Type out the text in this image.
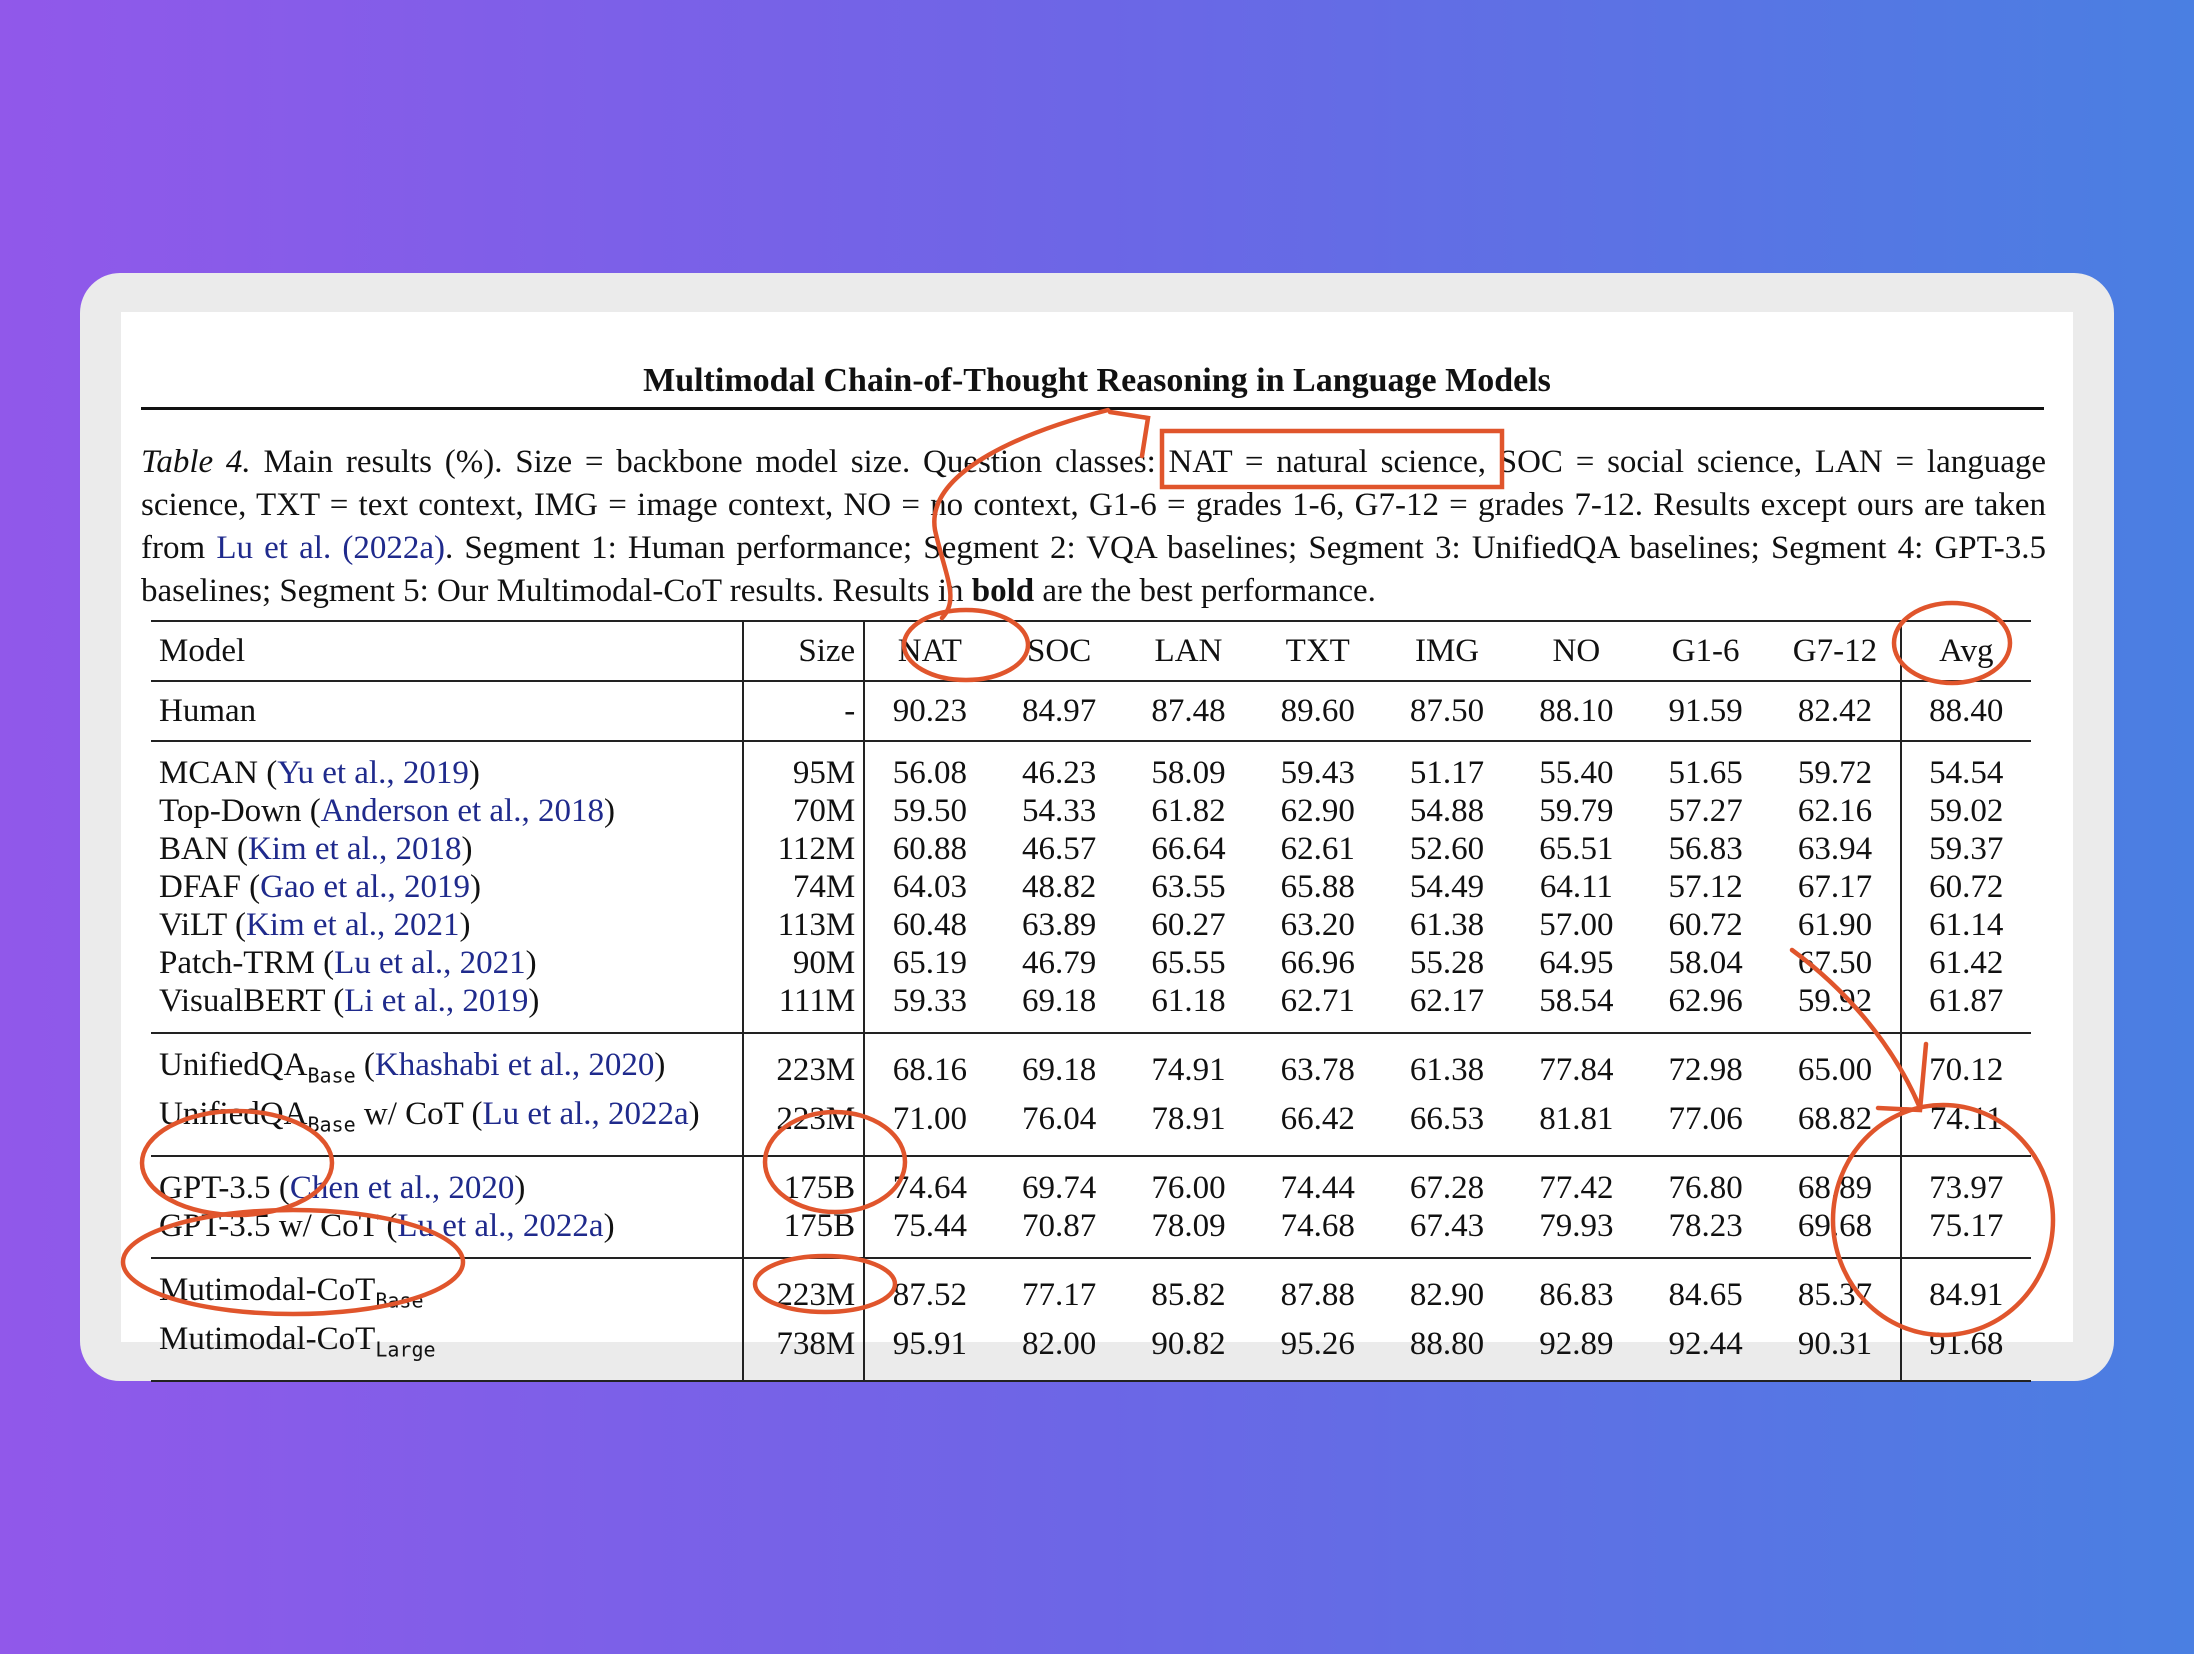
Multimodal Chain-of-Thought Reasoning in Language Models

Table 4. Main results (%). Size = backbone model size. Question classes: NAT = natural science, SOC = social science, LAN = language science, TXT = text context, IMG = image context, NO = no context, G1-6 = grades 1-6, G7-12 = grades 7-12. Results except ours are taken from Lu et al. (2022a). Segment 1: Human performance; Segment 2: VQA baselines; Segment 3: UnifiedQA baselines; Segment 4: GPT-3.5 baselines; Segment 5: Our Multimodal-CoT results. Results in bold are the best performance.

Model	Size	NAT	SOC	LAN	TXT	IMG	NO	G1-6	G7-12	Avg
Human	-	90.23	84.97	87.48	89.60	87.50	88.10	91.59	82.42	88.40
MCAN (Yu et al., 2019)	95M	56.08	46.23	58.09	59.43	51.17	55.40	51.65	59.72	54.54
Top-Down (Anderson et al., 2018)	70M	59.50	54.33	61.82	62.90	54.88	59.79	57.27	62.16	59.02
BAN (Kim et al., 2018)	112M	60.88	46.57	66.64	62.61	52.60	65.51	56.83	63.94	59.37
DFAF (Gao et al., 2019)	74M	64.03	48.82	63.55	65.88	54.49	64.11	57.12	67.17	60.72
ViLT (Kim et al., 2021)	113M	60.48	63.89	60.27	63.20	61.38	57.00	60.72	61.90	61.14
Patch-TRM (Lu et al., 2021)	90M	65.19	46.79	65.55	66.96	55.28	64.95	58.04	67.50	61.42
VisualBERT (Li et al., 2019)	111M	59.33	69.18	61.18	62.71	62.17	58.54	62.96	59.92	61.87
UnifiedQA$_{Base}$ (Khashabi et al., 2020)	223M	68.16	69.18	74.91	63.78	61.38	77.84	72.98	65.00	70.12
UnifiedQA$_{Base}$ w/ CoT (Lu et al., 2022a)	223M	71.00	76.04	78.91	66.42	66.53	81.81	77.06	68.82	74.11
GPT-3.5 (Chen et al., 2020)	175B	74.64	69.74	76.00	74.44	67.28	77.42	76.80	68.89	73.97
GPT-3.5 w/ CoT (Lu et al., 2022a)	175B	75.44	70.87	78.09	74.68	67.43	79.93	78.23	69.68	75.17
Mutimodal-CoT$_{Base}$	223M	87.52	77.17	85.82	87.88	82.90	86.83	84.65	85.37	84.91
Mutimodal-CoT$_{Large}$	738M	95.91	82.00	90.82	95.26	88.80	92.89	92.44	90.31	91.68
